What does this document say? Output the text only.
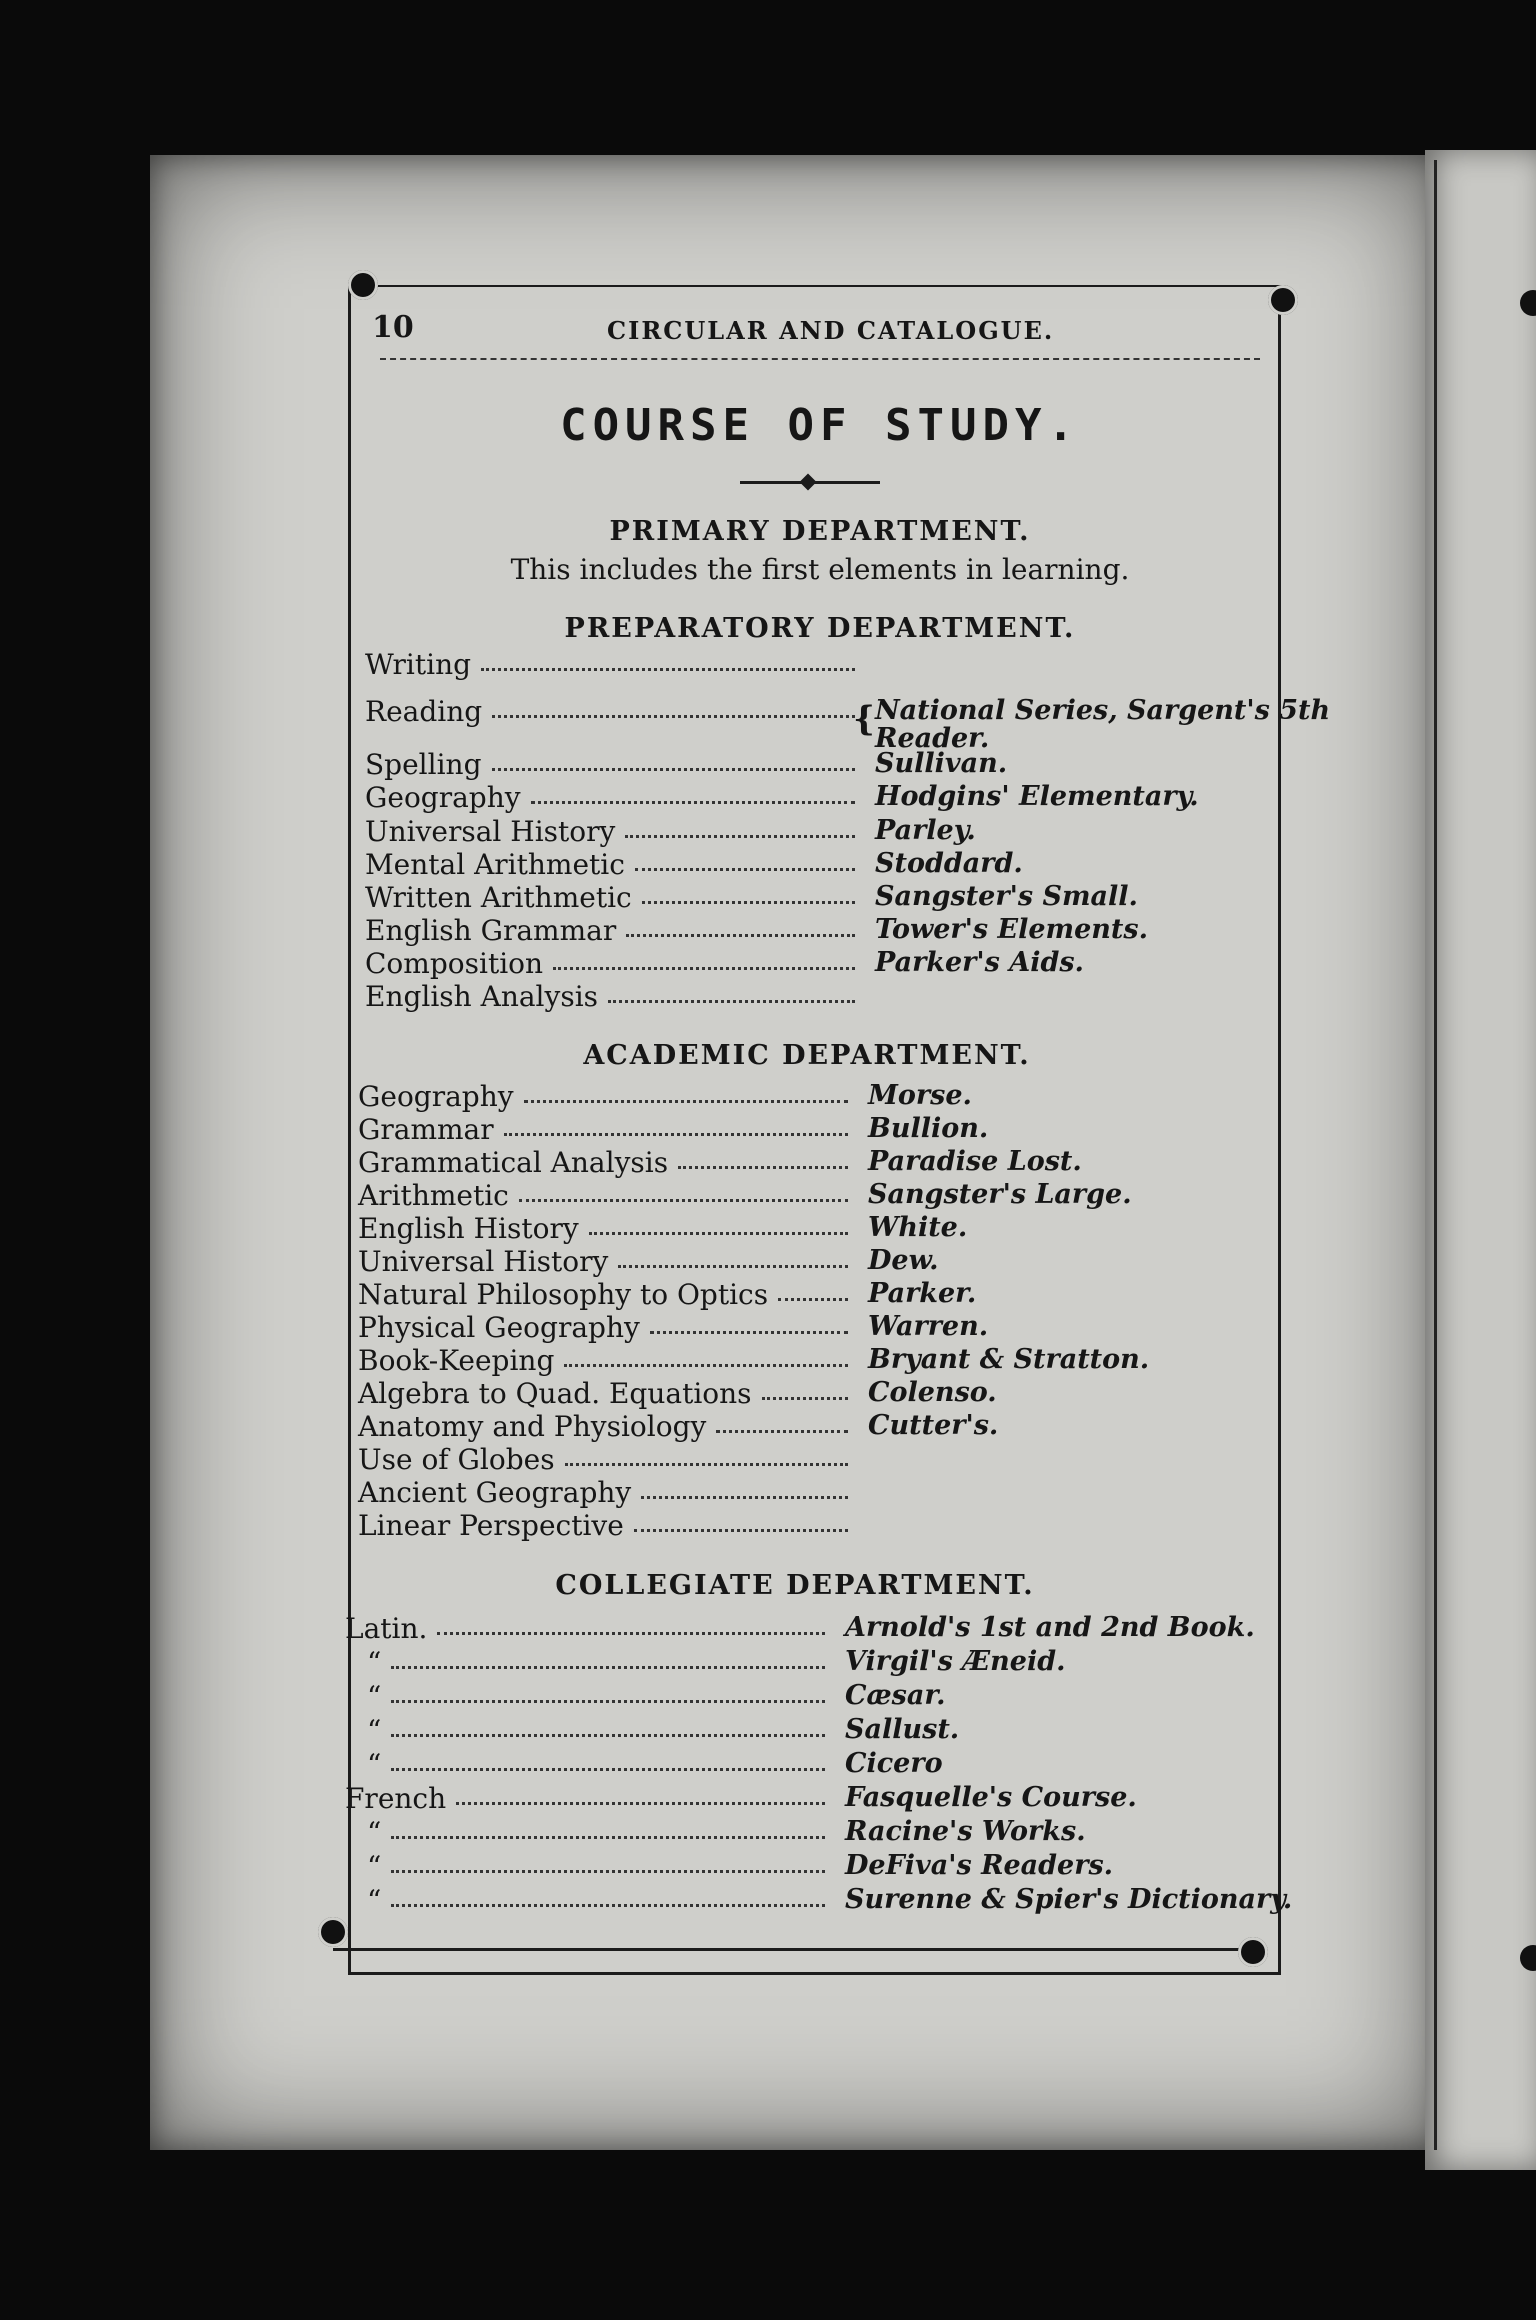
10	CIRCULAR AND CATALOGUE.
COURSE OF STUDY.
PRIMARY DEPARTMENT.
This includes the first elements in learning.
PREPARATORY DEPARTMENT.
Writing
Reading	National Series, Sargent's 5th
Reader.
{
Spelling	Sullivan.
Geography	Hodgins' Elementary.
Universal History	Parley.
Mental Arithmetic	Stoddard.
Written Arithmetic	Sangster's Small.
English Grammar	Tower's Elements.
Composition	Parker's Aids.
English Analysis
ACADEMIC DEPARTMENT.
Geography	Morse.
Grammar	Bullion.
Grammatical Analysis	Paradise Lost.
Arithmetic	Sangster's Large.
English History	White.
Universal History	Dew.
Natural Philosophy to Optics	Parker.
Physical Geography	Warren.
Book-Keeping	Bryant & Stratton.
Algebra to Quad. Equations	Colenso.
Anatomy and Physiology	Cutter's.
Use of Globes
Ancient Geography
Linear Perspective
COLLEGIATE DEPARTMENT.
Latin.	Arnold's 1st and 2nd Book.
“	Virgil's Æneid.
“	Cæsar.
“	Sallust.
“	Cicero
French	Fasquelle's Course.
“	Racine's Works.
“	DeFiva's Readers.
“	Surenne & Spier's Dictionary.
